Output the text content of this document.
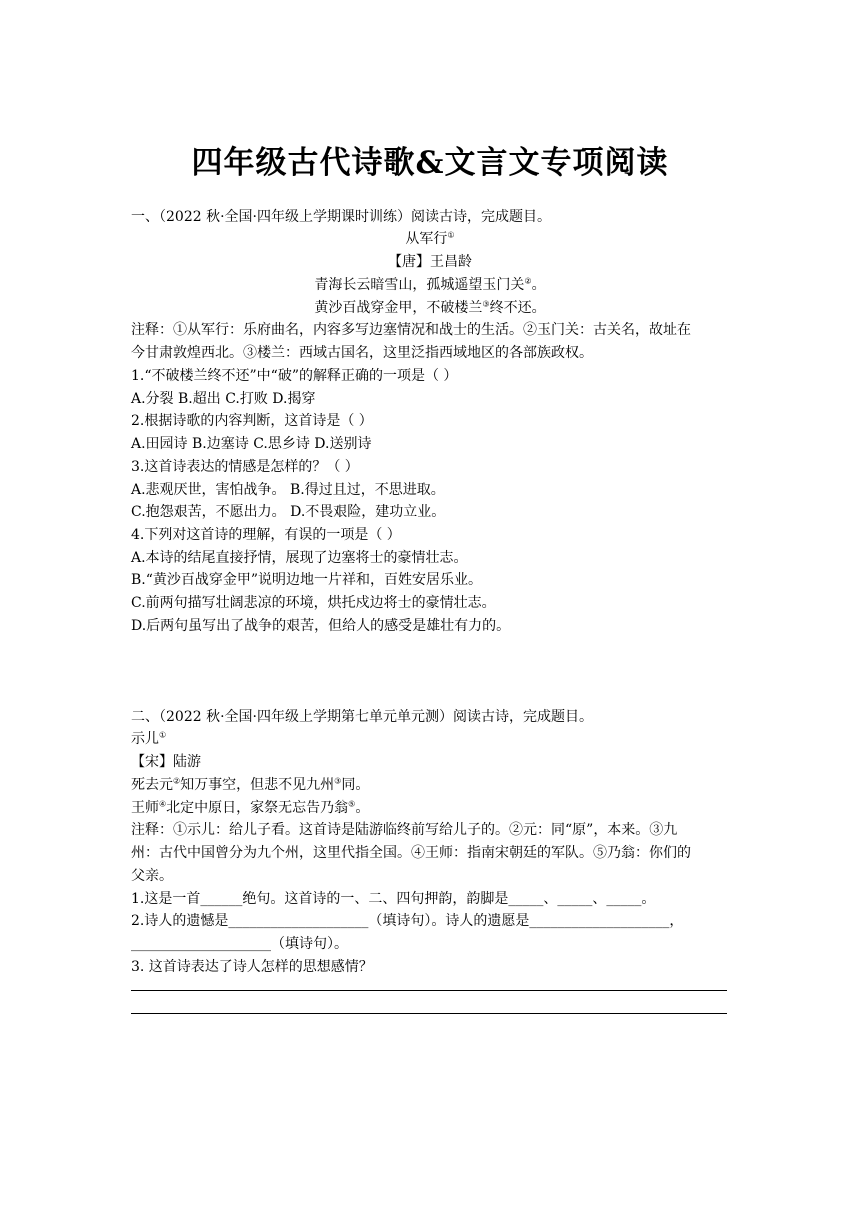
四年级古代诗歌&文言文专项阅读
一、（2022 秋·全国·四年级上学期课时训练）阅读古诗，完成题目。
从军行①
【唐】王昌龄
青海长云暗雪山，孤城遥望玉门关②。
黄沙百战穿金甲，不破楼兰③终不还。
注释：①从军行：乐府曲名，内容多写边塞情况和战士的生活。②玉门关：古关名，故址在
今甘肃敦煌西北。③楼兰：西域古国名，这里泛指西域地区的各部族政权。
1.“不破楼兰终不还”中“破”的解释正确的一项是（ ）
A.分裂 B.超出 C.打败 D.揭穿
2.根据诗歌的内容判断，这首诗是（ ）
A.田园诗 B.边塞诗 C.思乡诗 D.送别诗
3.这首诗表达的情感是怎样的？（ ）
A.悲观厌世，害怕战争。 B.得过且过，不思进取。
C.抱怨艰苦，不愿出力。 D.不畏艰险，建功立业。
4.下列对这首诗的理解，有误的一项是（ ）
A.本诗的结尾直接抒情，展现了边塞将士的豪情壮志。
B.“黄沙百战穿金甲”说明边地一片祥和，百姓安居乐业。
C.前两句描写壮阔悲凉的环境，烘托戍边将士的豪情壮志。
D.后两句虽写出了战争的艰苦，但给人的感受是雄壮有力的。
二、（2022 秋·全国·四年级上学期第七单元单元测）阅读古诗，完成题目。
示儿①
【宋】陆游
死去元②知万事空，但悲不见九州③同。
王师④北定中原日，家祭无忘告乃翁⑤。
注释：①示儿：给儿子看。这首诗是陆游临终前写给儿子的。②元：同“原”，本来。③九
州：古代中国曾分为九个州，这里代指全国。④王师：指南宋朝廷的军队。⑤乃翁：你们的
父亲。
1.这是一首______绝句。这首诗的一、二、四句押韵，韵脚是_____、_____、_____。
2.诗人的遗憾是____________________（填诗句）。诗人的遗愿是____________________，
____________________（填诗句）。
3. 这首诗表达了诗人怎样的思想感情？
